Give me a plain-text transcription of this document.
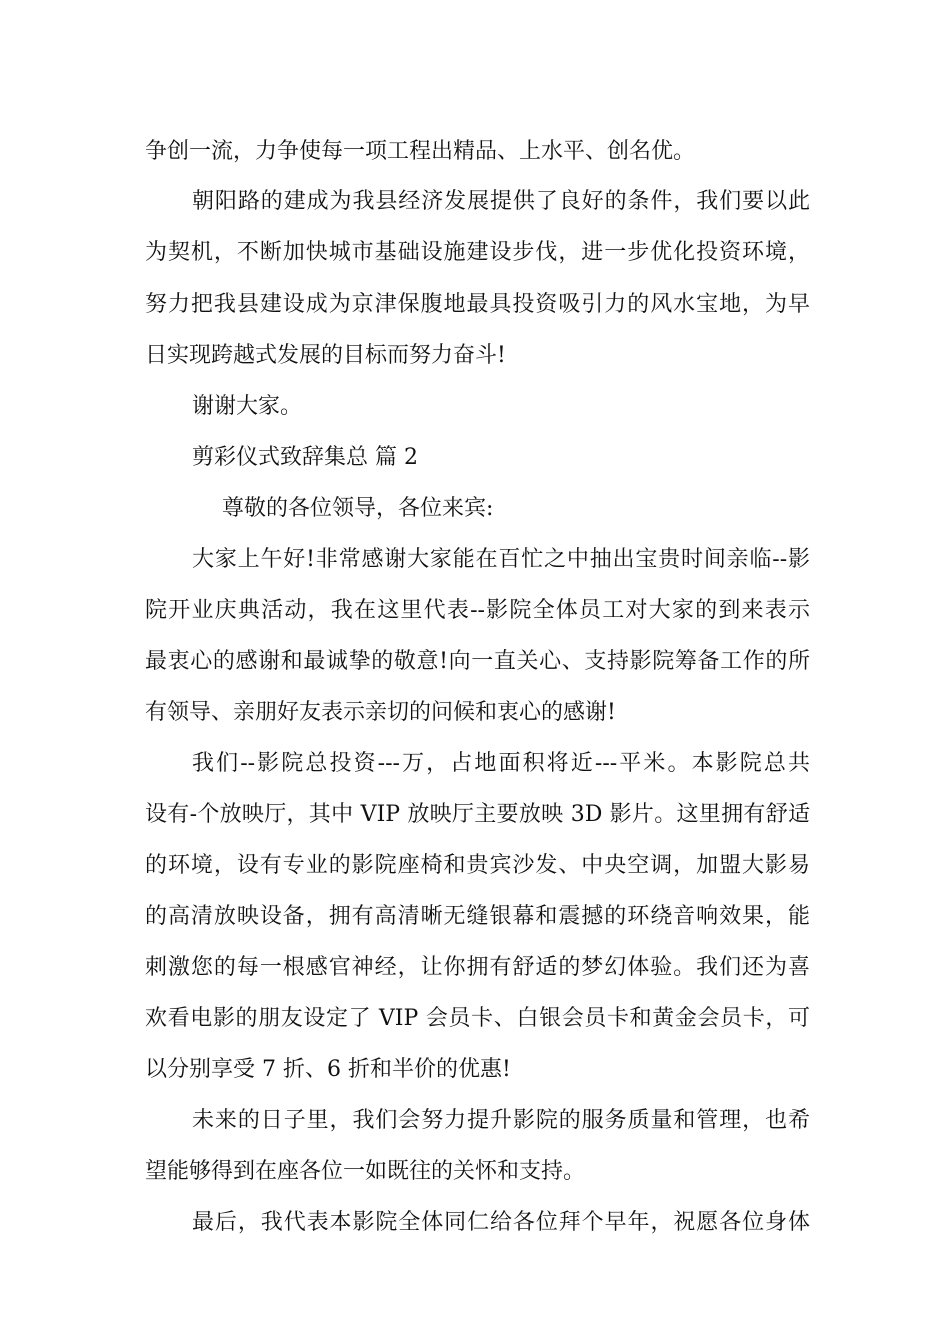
争创一流，力争使每一项工程出精品、上水平、创名优。
朝阳路的建成为我县经济发展提供了良好的条件，我们要以此
为契机，不断加快城市基础设施建设步伐，进一步优化投资环境，
努力把我县建设成为京津保腹地最具投资吸引力的风水宝地，为早
日实现跨越式发展的目标而努力奋斗!
谢谢大家。
剪彩仪式致辞集总 篇 2
尊敬的各位领导，各位来宾:
大家上午好!非常感谢大家能在百忙之中抽出宝贵时间亲临--影
院开业庆典活动，我在这里代表--影院全体员工对大家的到来表示
最衷心的感谢和最诚挚的敬意!向一直关心、支持影院筹备工作的所
有领导、亲朋好友表示亲切的问候和衷心的感谢!
我们--影院总投资---万，占地面积将近---平米。本影院总共
设有-个放映厅，其中 VIP 放映厅主要放映 3D 影片。这里拥有舒适
的环境，设有专业的影院座椅和贵宾沙发、中央空调，加盟大影易
的高清放映设备，拥有高清晰无缝银幕和震撼的环绕音响效果，能
刺激您的每一根感官神经，让你拥有舒适的梦幻体验。我们还为喜
欢看电影的朋友设定了 VIP 会员卡、白银会员卡和黄金会员卡，可
以分别享受 7 折、6 折和半价的优惠!
未来的日子里，我们会努力提升影院的服务质量和管理，也希
望能够得到在座各位一如既往的关怀和支持。
最后，我代表本影院全体同仁给各位拜个早年，祝愿各位身体
